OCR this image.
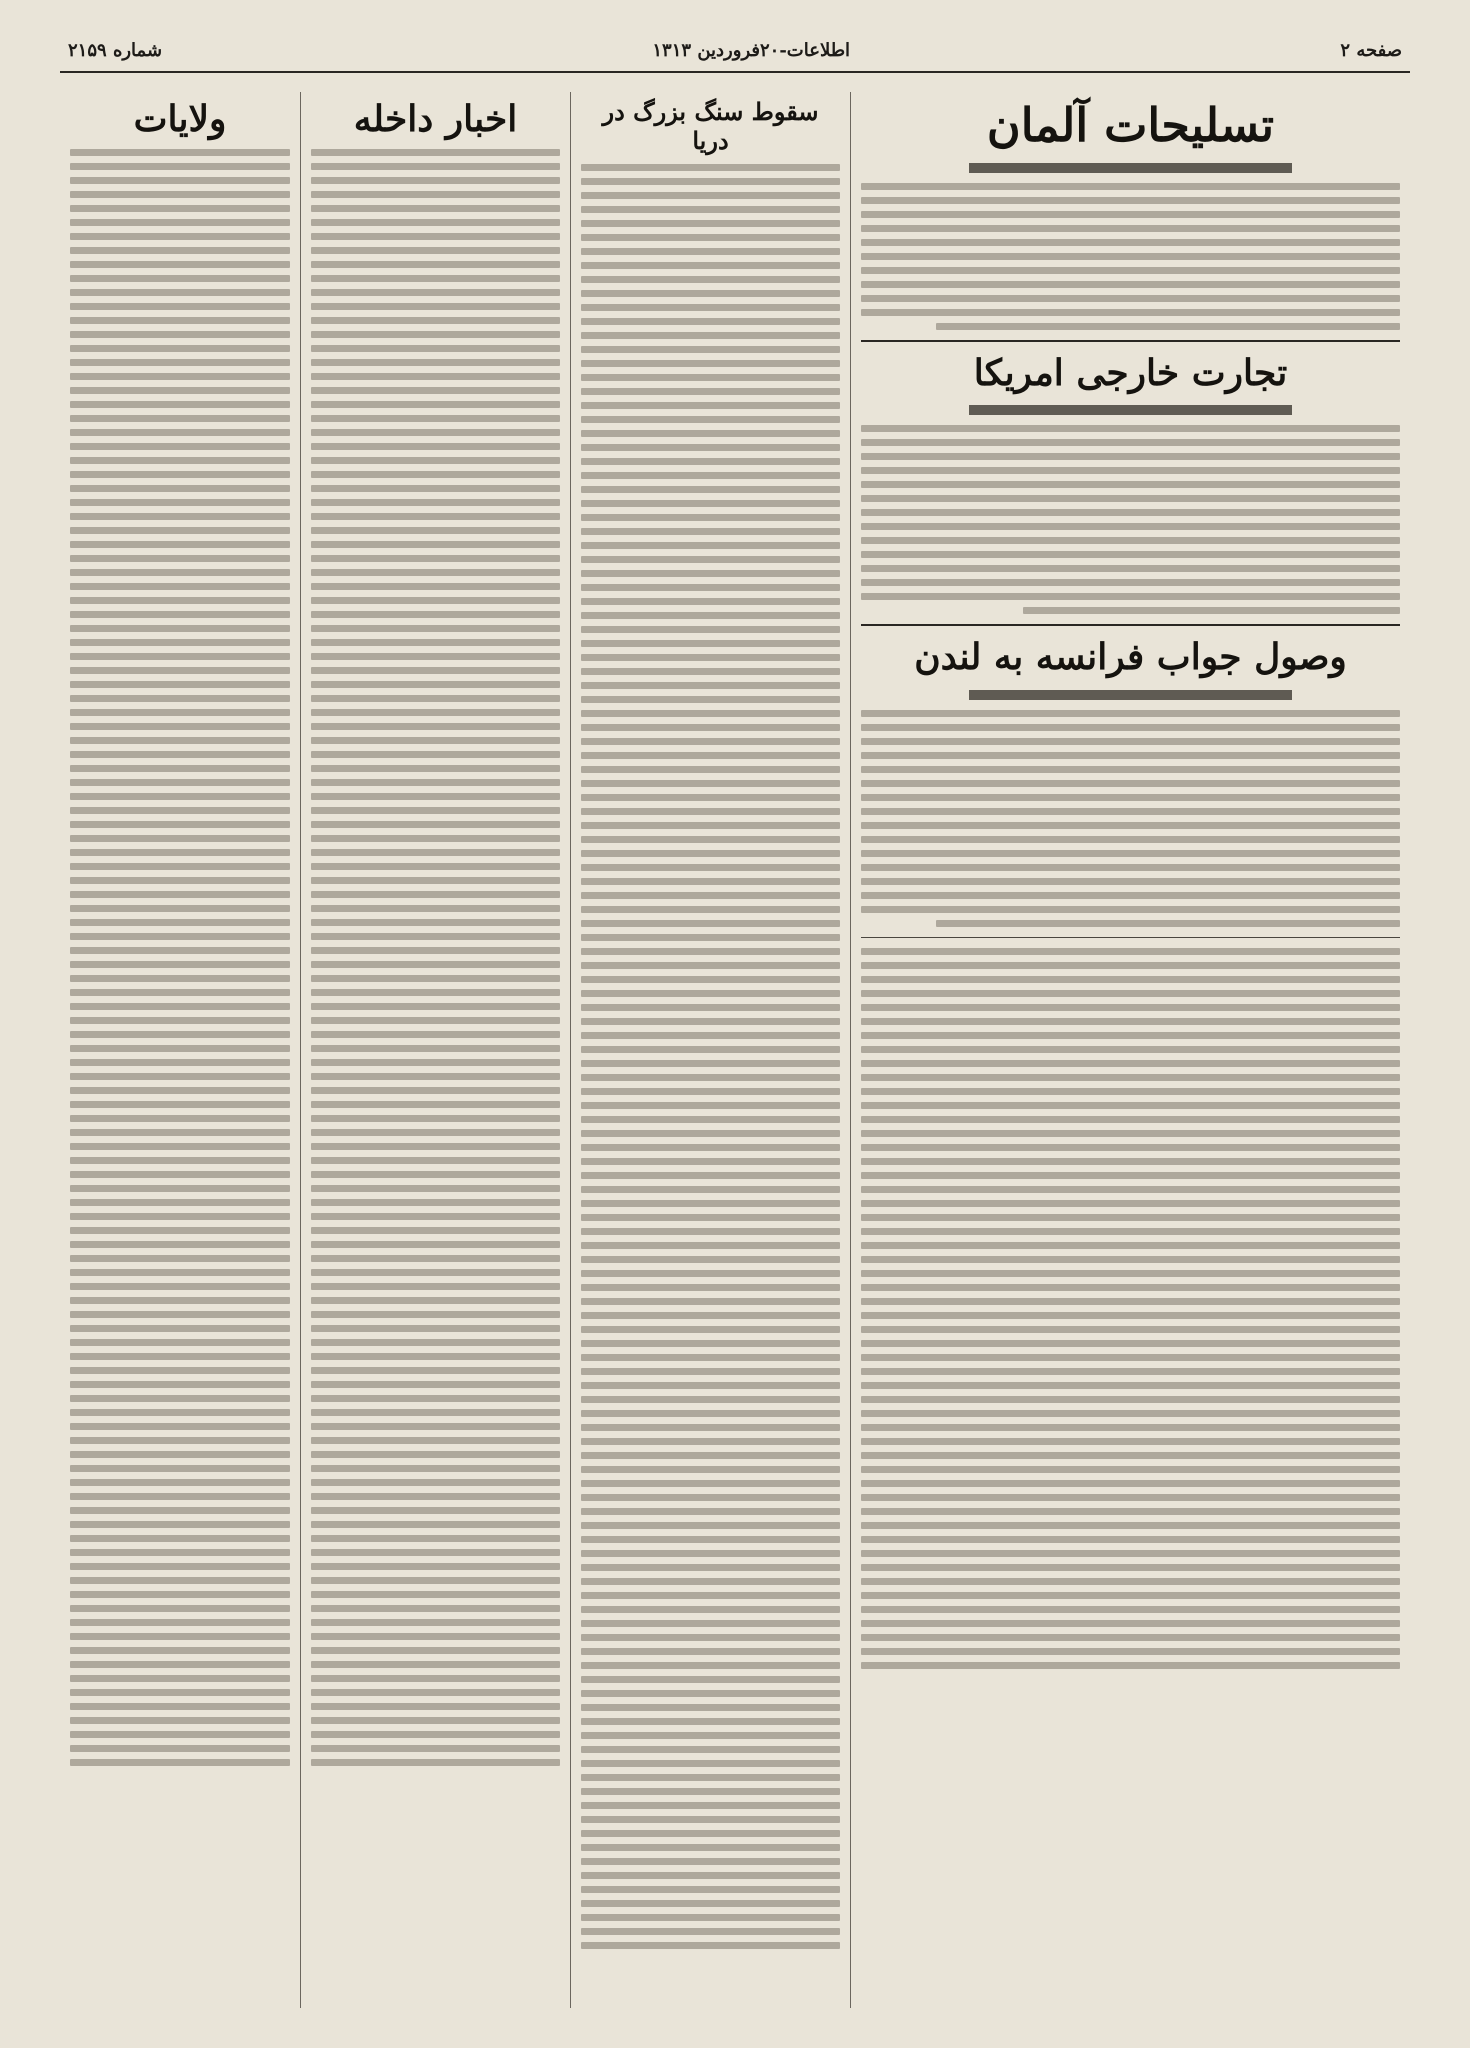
صفحه ۲
اطلاعات-۲۰فروردین ۱۳۱۳
شماره ۲۱۵۹
تسلیحات آلمان
تجارت خارجی امریکا
وصول جواب فرانسه به لندن
سقوط سنگ بزرگ در دریا
اخبار داخله
ولایات
